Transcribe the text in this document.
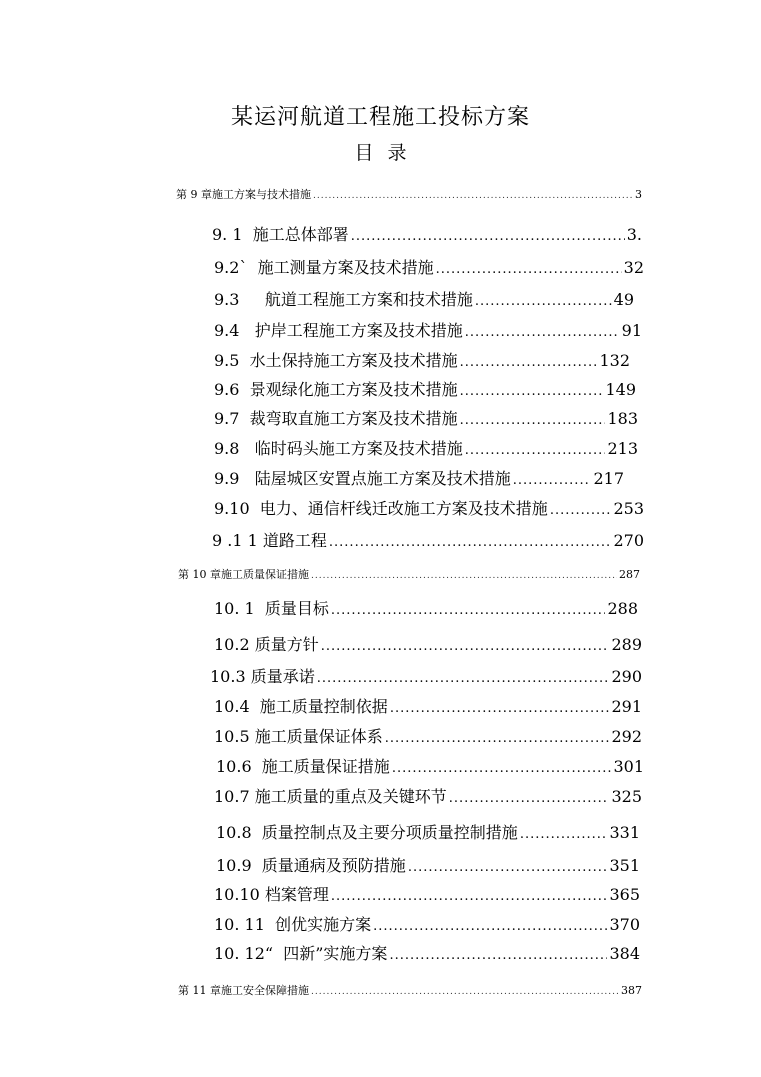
某运河航道工程施工投标方案
目录
第 9 章施工方案与技术措施 .....	3
9. 1 施工总体部署 .....	3.
9.2` 施工测量方案及技术措施 .....	32
9.3 航道工程施工方案和技术措施 .....	49
9.4 护岸工程施工方案及技术措施 .....	91
9.5 水土保持施工方案及技术措施 .....	132
9.6 景观绿化施工方案及技术措施 .....	149
9.7 裁弯取直施工方案及技术措施 .....	183
9.8 临时码头施工方案及技术措施 .....	213
9.9 陆屋城区安置点施工方案及技术措施 .....	217
9.10 电力、通信杆线迁改施工方案及技术措施 .....	253
9 .1 1 道路工程 .....	270
第 10 章施工质量保证措施 .....	287
10. 1 质量目标 .....	288
10.2 质量方针 .....	289
10.3 质量承诺 .....	290
10.4 施工质量控制依据 .....	291
10.5 施工质量保证体系 .....	292
10.6 施工质量保证措施 .....	301
10.7 施工质量的重点及关键环节 .....	325
10.8 质量控制点及主要分项质量控制措施 .....	331
10.9 质量通病及预防措施 .....	351
10.10 档案管理 .....	365
10. 11 创优实施方案 .....	370
10. 12“ 四新”实施方案 .....	384
第 11 章施工安全保障措施 .....	387
